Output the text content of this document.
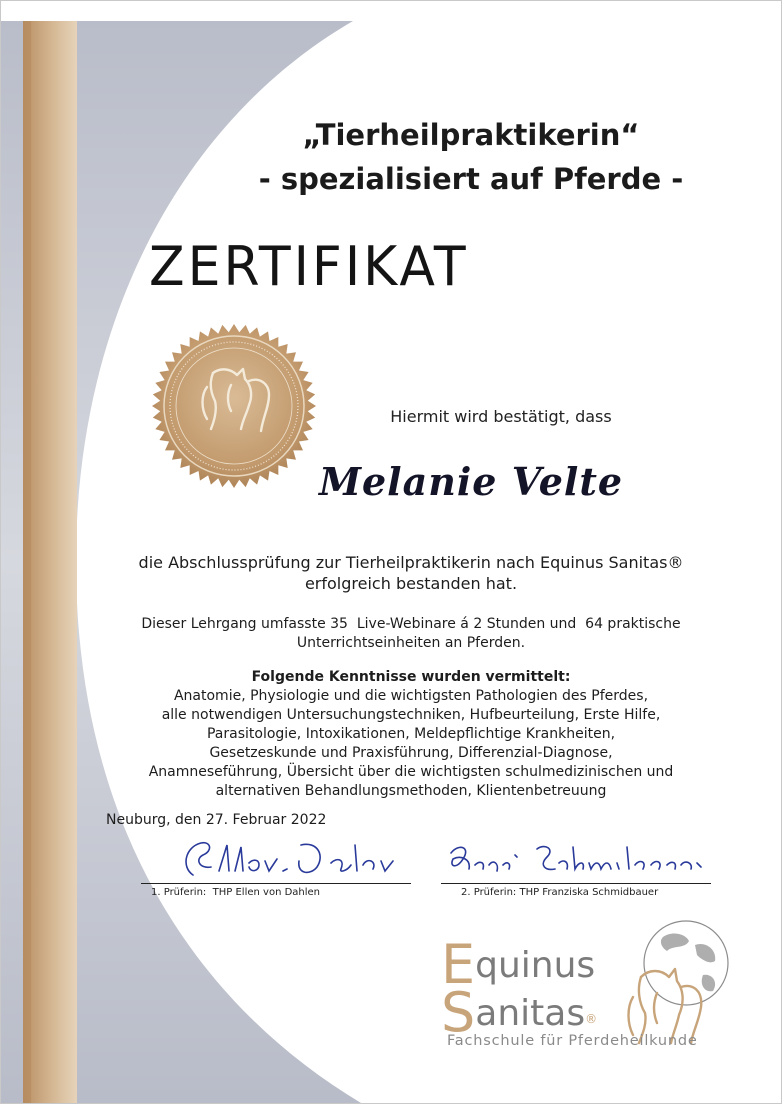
„Tierheilpraktikerin“
- spezialisiert auf Pferde -
ZERTIFIKAT
Hiermit wird bestätigt, dass
Melanie Velte
die Abschlussprüfung zur Tierheilpraktikerin nach Equinus Sanitas®
erfolgreich bestanden hat.
Dieser Lehrgang umfasste 35  Live-Webinare á 2 Stunden und  64 praktische
Unterrichtseinheiten an Pferden.
Folgende Kenntnisse wurden vermittelt:
Anatomie, Physiologie und die wichtigsten Pathologien des Pferdes,
alle notwendigen Untersuchungstechniken, Hufbeurteilung, Erste Hilfe,
Parasitologie, Intoxikationen, Meldepflichtige Krankheiten,
Gesetzeskunde und Praxisführung, Differenzial-Diagnose,
Anamneseführung, Übersicht über die wichtigsten schulmedizinischen und
alternativen Behandlungsmethoden, Klientenbetreuung
Neuburg, den 27. Februar 2022
1. Prüferin:  THP Ellen von Dahlen	2. Prüferin: THP Franziska Schmidbauer
Equinus
Sanitas®
Fachschule für Pferdeheilkunde
